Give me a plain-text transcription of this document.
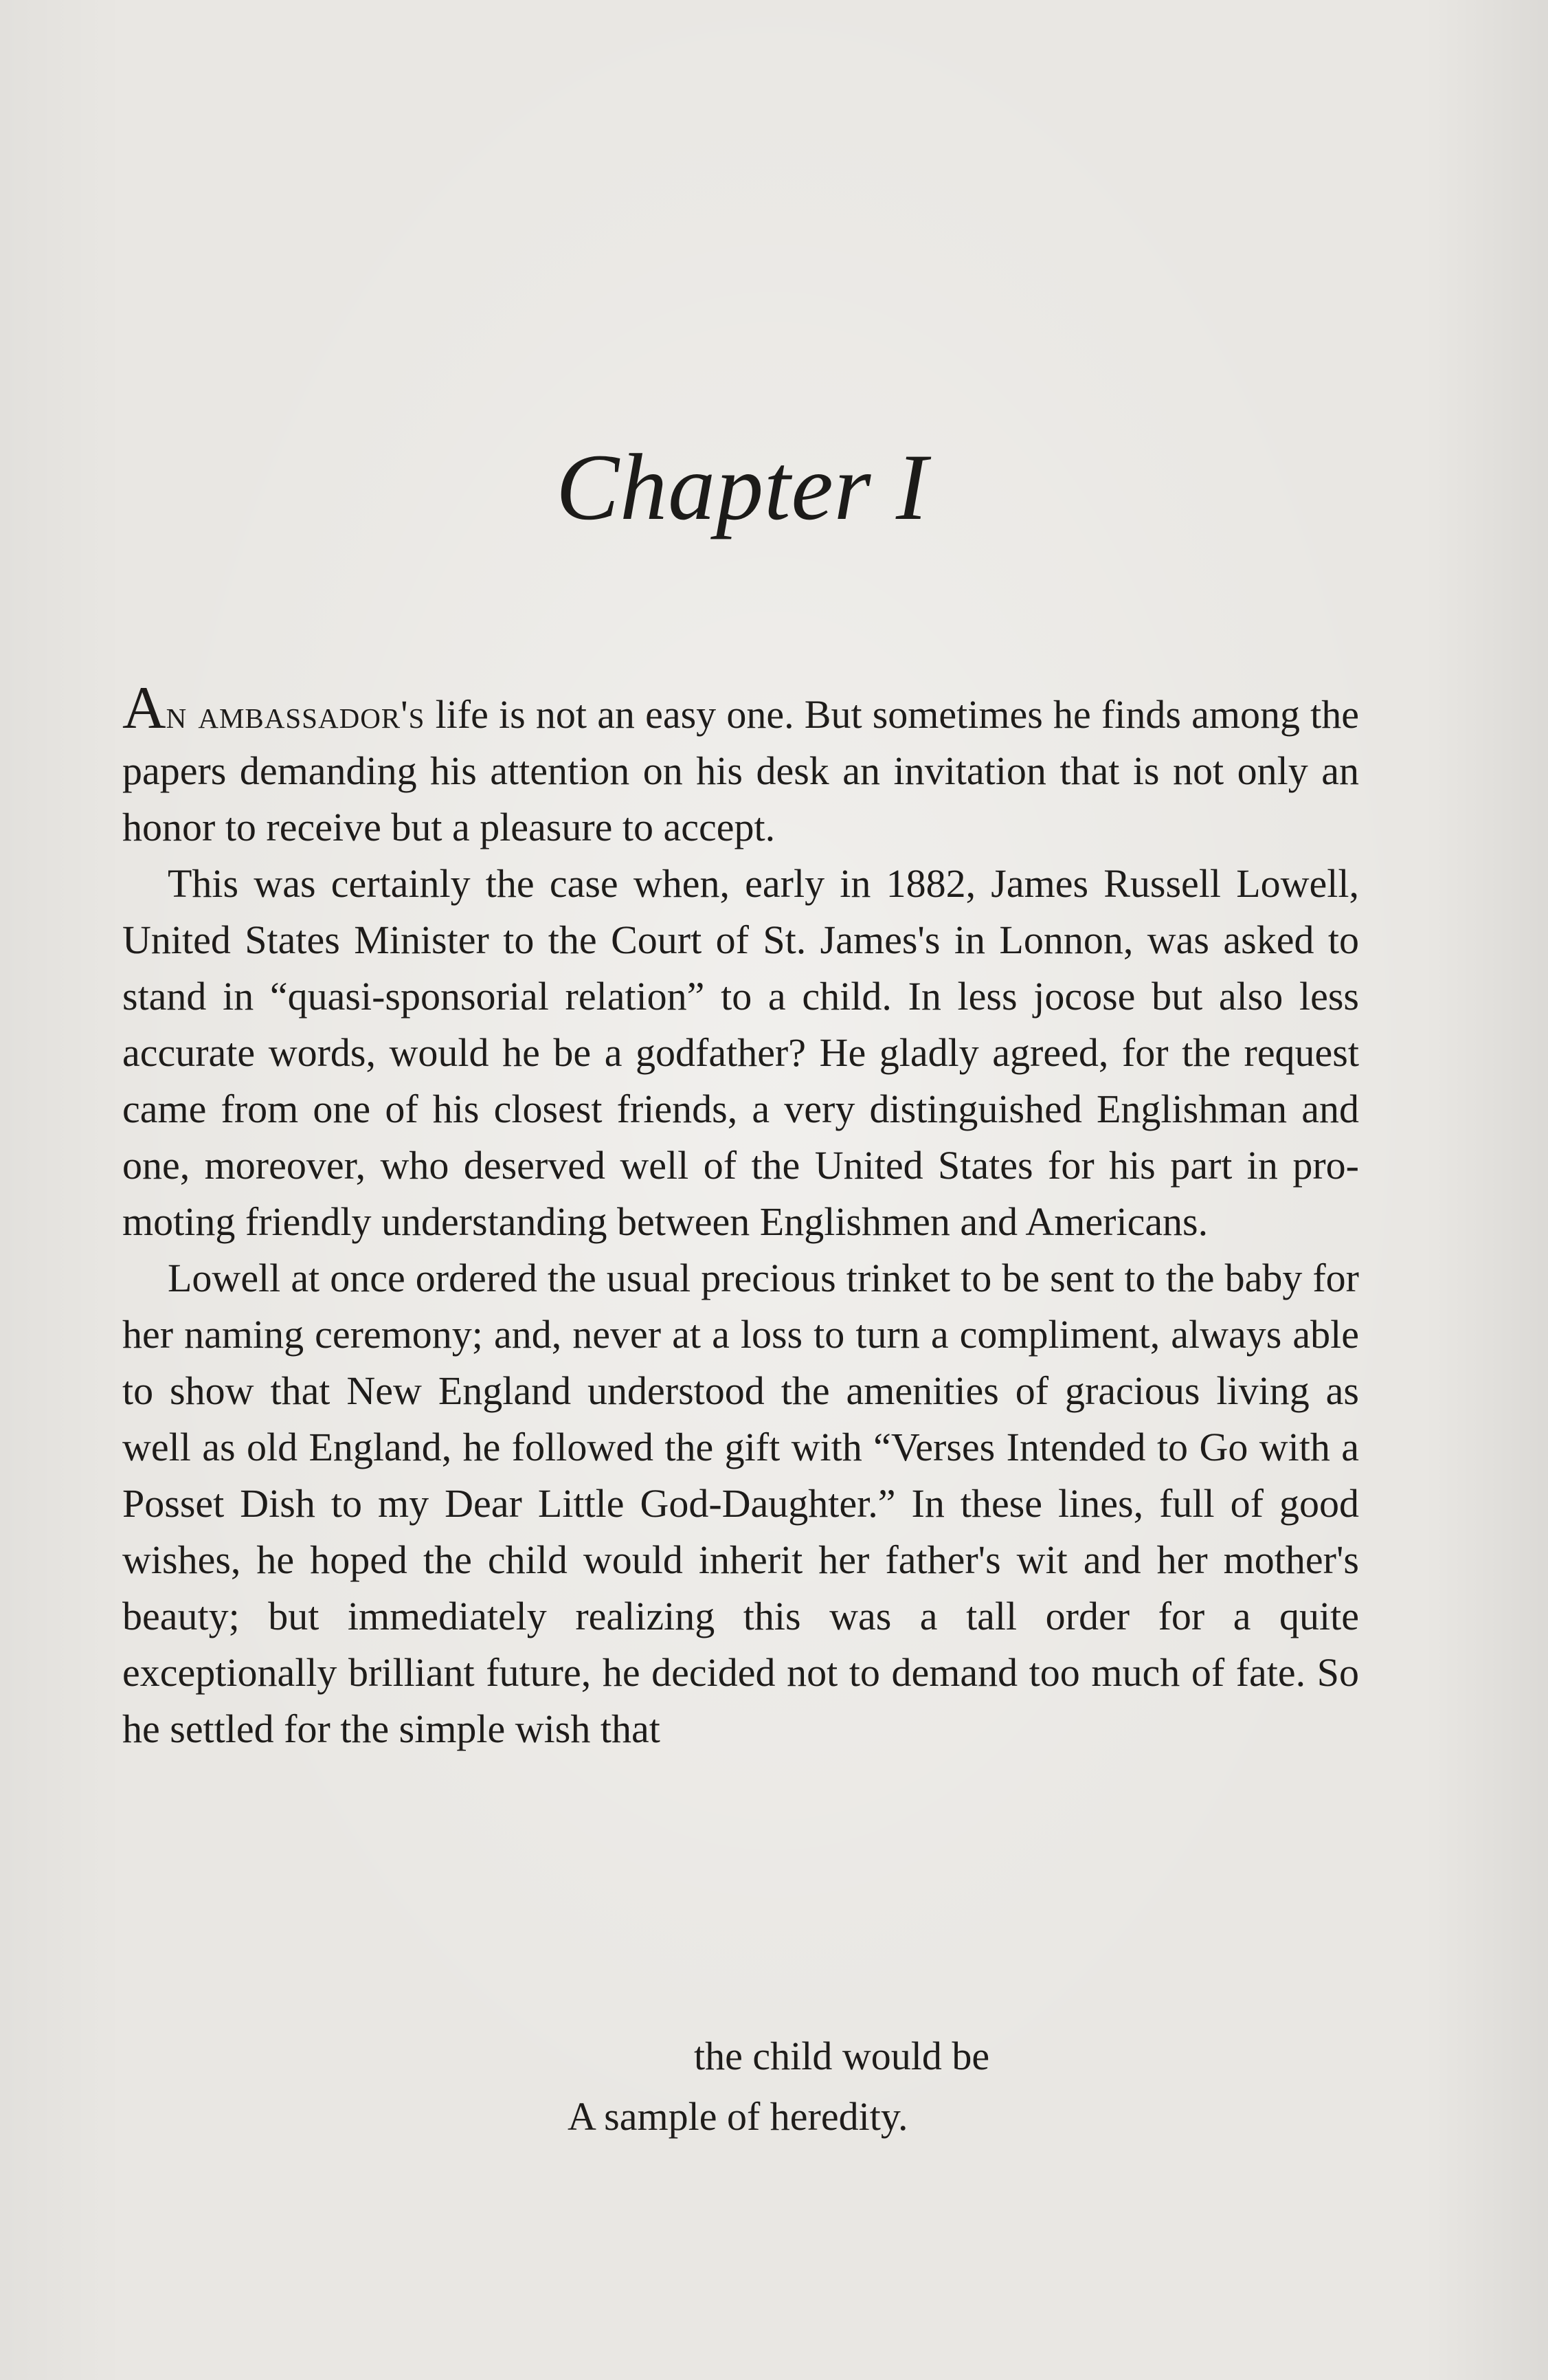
Chapter I

An ambassador's life is not an easy one. But sometimes he finds among the papers demanding his attention on his desk an invitation that is not only an honor to receive but a pleasure to accept.

This was certainly the case when, early in 1882, James Russell Lowell, United States Minister to the Court of St. James's in Lonnon, was asked to stand in “quasi-sponsorial relation” to a child. In less jocose but also less accurate words, would he be a godfather? He gladly agreed, for the request came from one of his closest friends, a very distinguished Englishman and one, moreover, who deserved well of the United States for his part in promoting friendly understanding between Englishmen and Americans.

Lowell at once ordered the usual precious trinket to be sent to the baby for her naming ceremony; and, never at a loss to turn a compliment, always able to show that New England understood the amenities of gracious living as well as old England, he followed the gift with “Verses Intended to Go with a Posset Dish to my Dear Little God-Daughter.” In these lines, full of good wishes, he hoped the child would inherit her father's wit and her mother's beauty; but immediately realizing this was a tall order for a quite exceptionally brilliant future, he decided not to demand too much of fate. So he settled for the simple wish that

the child would be
A sample of heredity.
